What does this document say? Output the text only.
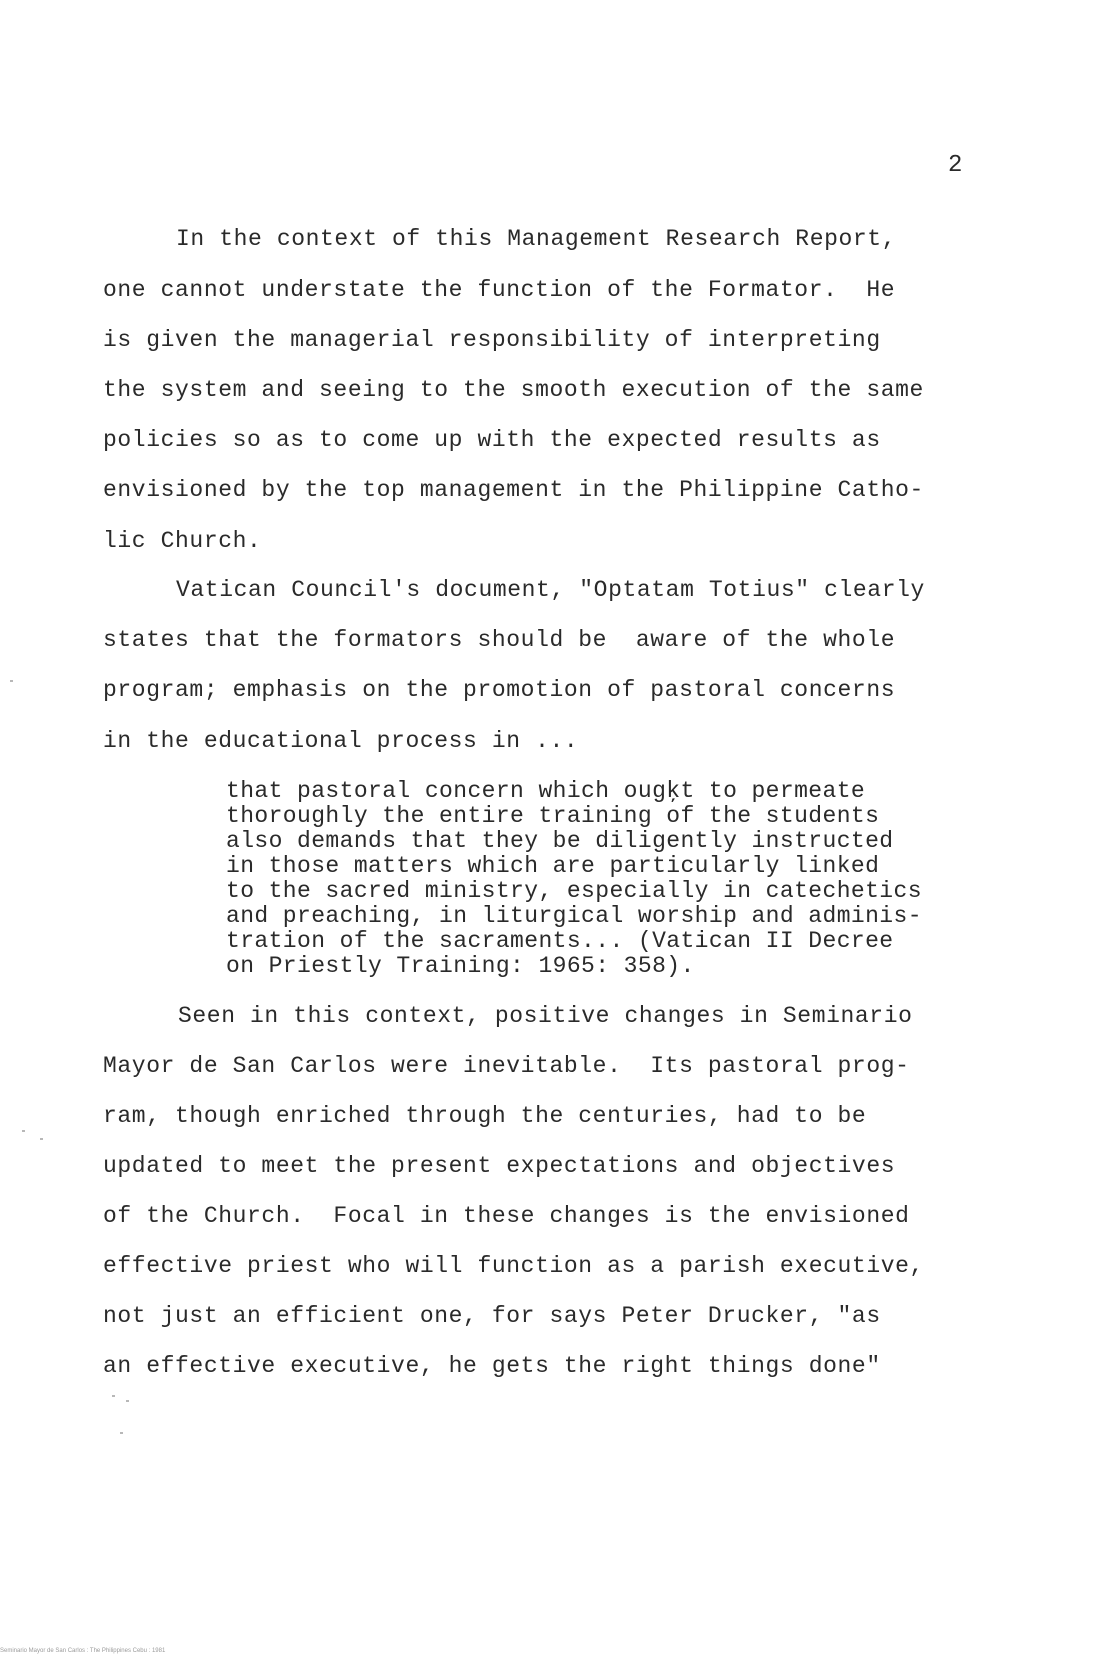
2
In the context of this Management Research Report,
one cannot understate the function of the Formator.  He
is given the managerial responsibility of interpreting
the system and seeing to the smooth execution of the same
policies so as to come up with the expected results as
envisioned by the top management in the Philippine Catho-
lic Church.
Vatican Council's document, "Optatam Totius" clearly
states that the formators should be  aware of the whole
program; emphasis on the promotion of pastoral concerns
in the educational process in ...
that pastoral concern which ougķt to permeate
thoroughly the entire training of the students
also demands that they be diligently instructed
in those matters which are particularly linked
to the sacred ministry, especially in catechetics
and preaching, in liturgical worship and adminis-
tration of the sacraments... (Vatican II Decree
on Priestly Training: 1965: 358).
Seen in this context, positive changes in Seminario
Mayor de San Carlos were inevitable.  Its pastoral prog-
ram, though enriched through the centuries, had to be
updated to meet the present expectations and objectives
of the Church.  Focal in these changes is the envisioned
effective priest who will function as a parish executive,
not just an efficient one, for says Peter Drucker, "as
an effective executive, he gets the right things done"
Seminario Mayor de San Carlos : The Philippines Cebu : 1981
